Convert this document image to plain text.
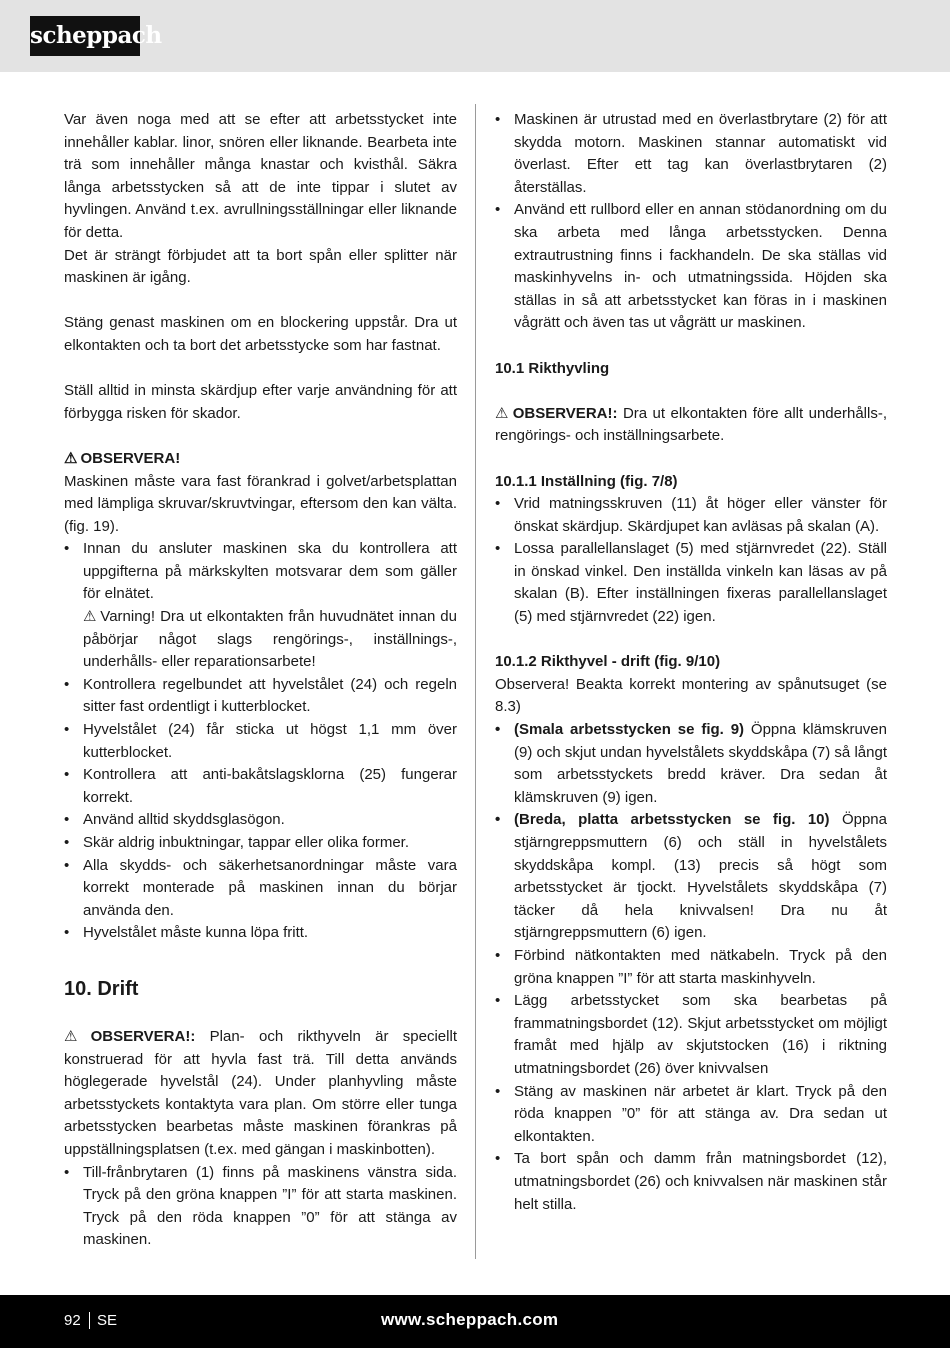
scheppach

Var även noga med att se efter att arbetsstycket inte innehåller kablar. linor, snören eller liknande. Bearbeta inte trä som innehåller många knastar och kvisthål. Säkra långa arbetsstycken så att de inte tippar i slutet av hyvlingen. Använd t.ex. avrullningsställningar eller liknande för detta.

Det är strängt förbjudet att ta bort spån eller splitter när maskinen är igång.

Stäng genast maskinen om en blockering uppstår. Dra ut elkontakten och ta bort det arbetsstycke som har fastnat.

Ställ alltid in minsta skärdjup efter varje användning för att förbygga risken för skador.

⚠ OBSERVERA!

Maskinen måste vara fast förankrad i golvet/arbetsplattan med lämpliga skruvar/skruvtvingar, eftersom den kan välta. (fig. 19).

• Innan du ansluter maskinen ska du kontrollera att uppgifterna på märkskylten motsvarar dem som gäller för elnätet.
⚠ Varning! Dra ut elkontakten från huvudnätet innan du påbörjar något slags rengörings-, inställnings-, underhålls- eller reparationsarbete!
• Kontrollera regelbundet att hyvelstålet (24) och regeln sitter fast ordentligt i kutterblocket.
• Hyvelstålet (24) får sticka ut högst 1,1 mm över kutterblocket.
• Kontrollera att anti-bakåtslagsklorna (25) fungerar korrekt.
• Använd alltid skyddsglasögon.
• Skär aldrig inbuktningar, tappar eller olika former.
• Alla skydds- och säkerhetsanordningar måste vara korrekt monterade på maskinen innan du börjar använda den.
• Hyvelstålet måste kunna löpa fritt.

10. Drift

⚠ OBSERVERA!: Plan- och rikthyveln är speciellt konstruerad för att hyvla fast trä. Till detta används höglegerade hyvelstål (24). Under planhyvling måste arbetsstyckets kontaktyta vara plan. Om större eller tunga arbetsstycken bearbetas måste maskinen förankras på uppställningsplatsen (t.ex. med gängan i maskinbotten).

• Till-frånbrytaren (1) finns på maskinens vänstra sida. Tryck på den gröna knappen ”I” för att starta maskinen. Tryck på den röda knappen ”0” för att stänga av maskinen.
• Maskinen är utrustad med en överlastbrytare (2) för att skydda motorn. Maskinen stannar automatiskt vid överlast. Efter ett tag kan överlastbrytaren (2) återställas.
• Använd ett rullbord eller en annan stödanordning om du ska arbeta med långa arbetsstycken. Denna extrautrustning finns i fackhandeln. De ska ställas vid maskinhyvelns in- och utmatningssida. Höjden ska ställas in så att arbetsstycket kan föras in i maskinen vågrätt och även tas ut vågrätt ur maskinen.

10.1 Rikthyvling

⚠ OBSERVERA!: Dra ut elkontakten före allt underhålls-, rengörings- och inställningsarbete.

10.1.1 Inställning (fig. 7/8)

• Vrid matningsskruven (11) åt höger eller vänster för önskat skärdjup. Skärdjupet kan avläsas på skalan (A).
• Lossa parallellanslaget (5) med stjärnvredet (22). Ställ in önskad vinkel. Den inställda vinkeln kan läsas av på skalan (B). Efter inställningen fixeras parallellanslaget (5) med stjärnvredet (22) igen.

10.1.2 Rikthyvel - drift (fig. 9/10)

Observera! Beakta korrekt montering av spånutsuget (se 8.3)

• (Smala arbetsstycken se fig. 9) Öppna klämskruven (9) och skjut undan hyvelstålets skyddskåpa (7) så långt som arbetsstyckets bredd kräver. Dra sedan åt klämskruven (9) igen.
• (Breda, platta arbetsstycken se fig. 10) Öppna stjärngreppsmuttern (6) och ställ in hyvelstålets skyddskåpa kompl. (13) precis så högt som arbetsstycket är tjockt. Hyvelstålets skyddskåpa (7) täcker då hela knivvalsen! Dra nu åt stjärngreppsmuttern (6) igen.
• Förbind nätkontakten med nätkabeln. Tryck på den gröna knappen ”I” för att starta maskinhyveln.
• Lägg arbetsstycket som ska bearbetas på frammatningsbordet (12). Skjut arbetsstycket om möjligt framåt med hjälp av skjutstocken (16) i riktning utmatningsbordet (26) över knivvalsen
• Stäng av maskinen när arbetet är klart. Tryck på den röda knappen ”0” för att stänga av. Dra sedan ut elkontakten.
• Ta bort spån och damm från matningsbordet (12), utmatningsbordet (26) och knivvalsen när maskinen står helt stilla.
92 SE	www.scheppach.com
